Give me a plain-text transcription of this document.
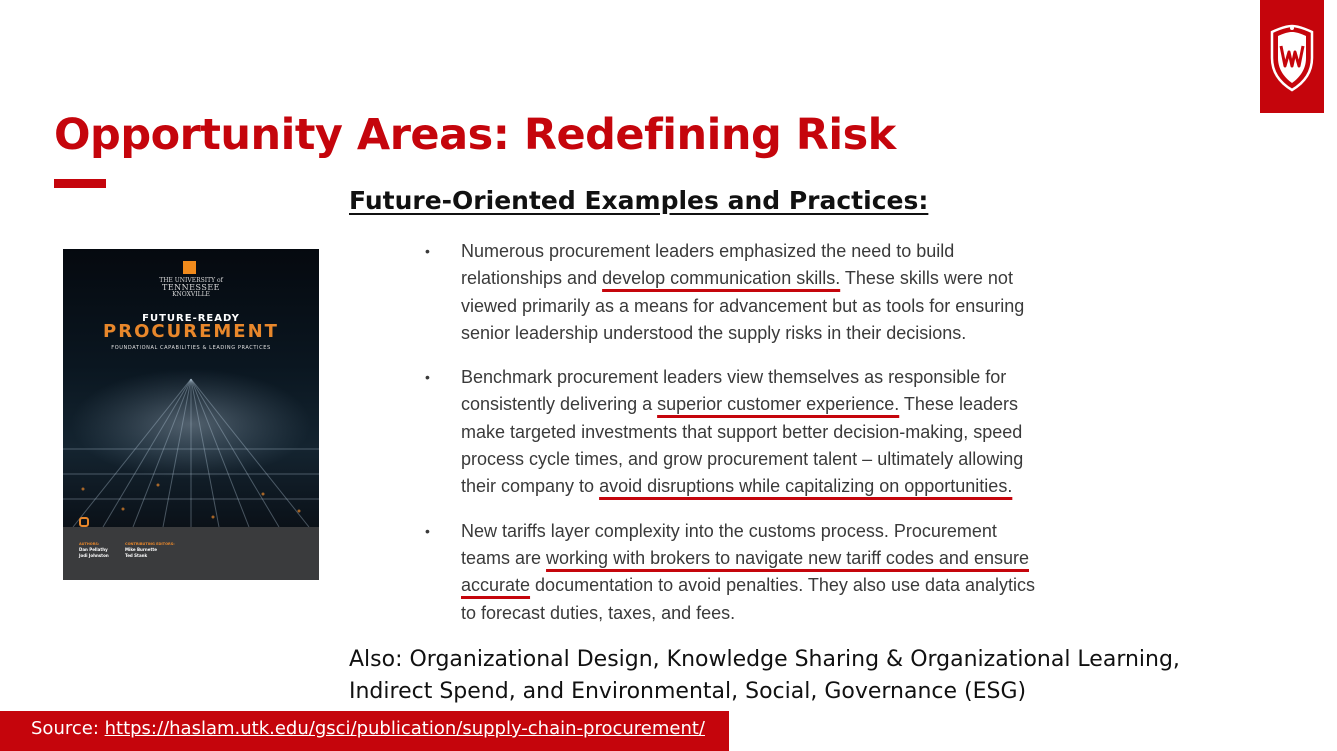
Opportunity Areas: Redefining Risk
Future-Oriented Examples and Practices:
THE UNIVERSITY of
TENNESSEE
KNOXVILLE
FUTURE-READY
PROCUREMENT
FOUNDATIONAL CAPABILITIES & LEADING PRACTICES
AUTHORS:
Dan Pellathy
Jodi Johnston
CONTRIBUTING EDITORS:
Mike Burnette
Ted Stank
• Numerous procurement leaders emphasized the need to build relationships and develop communication skills. These skills were not viewed primarily as a means for advancement but as tools for ensuring senior leadership understood the supply risks in their decisions.
• Benchmark procurement leaders view themselves as responsible for consistently delivering a superior customer experience. These leaders make targeted investments that support better decision-making, speed process cycle times, and grow procurement talent – ultimately allowing their company to avoid disruptions while capitalizing on opportunities.
• New tariffs layer complexity into the customs process. Procurement teams are working with brokers to navigate new tariff codes and ensure accurate documentation to avoid penalties. They also use data analytics to forecast duties, taxes, and fees.

Also: Organizational Design, Knowledge Sharing & Organizational Learning, Indirect Spend, and Environmental, Social, Governance (ESG)

Source: https://haslam.utk.edu/gsci/publication/supply-chain-procurement/
